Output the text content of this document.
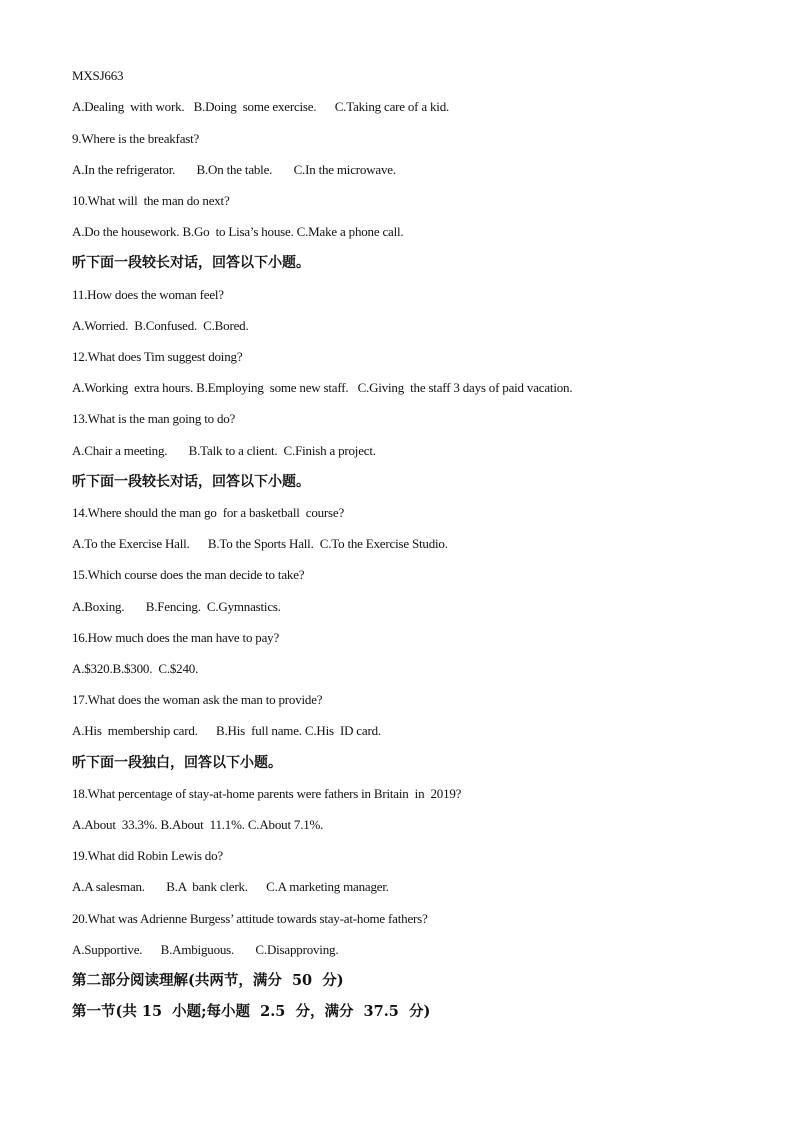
MXSJ663
A.Dealing  with work.   B.Doing  some exercise.      C.Taking care of a kid.
9.Where is the breakfast?
A.In the refrigerator.       B.On the table.       C.In the microwave.
10.What will  the man do next?
A.Do the housework. B.Go  to Lisa’s house. C.Make a phone call.
听下面一段较长对话，回答以下小题。
11.How does the woman feel?
A.Worried.  B.Confused.  C.Bored.
12.What does Tim suggest doing?
A.Working  extra hours. B.Employing  some new staff.   C.Giving  the staff 3 days of paid vacation.
13.What is the man going to do?
A.Chair a meeting.       B.Talk to a client.  C.Finish a project.
听下面一段较长对话，回答以下小题。
14.Where should the man go  for a basketball  course?
A.To the Exercise Hall.      B.To the Sports Hall.  C.To the Exercise Studio.
15.Which course does the man decide to take?
A.Boxing.       B.Fencing.  C.Gymnastics.
16.How much does the man have to pay?
A.$320.B.$300.  C.$240.
17.What does the woman ask the man to provide?
A.His  membership card.      B.His  full name. C.His  ID card.
听下面一段独白，回答以下小题。
18.What percentage of stay-at-home parents were fathers in Britain  in  2019?
A.About  33.3%. B.About  11.1%. C.About 7.1%.
19.What did Robin Lewis do?
A.A salesman.       B.A  bank clerk.      C.A marketing manager.
20.What was Adrienne Burgess’ attitude towards stay-at-home fathers?
A.Supportive.      B.Ambiguous.       C.Disapproving.
第二部分阅读理解(共两节，满分  50  分)
第一节(共 15  小题;每小题  2.5  分，满分  37.5  分)
